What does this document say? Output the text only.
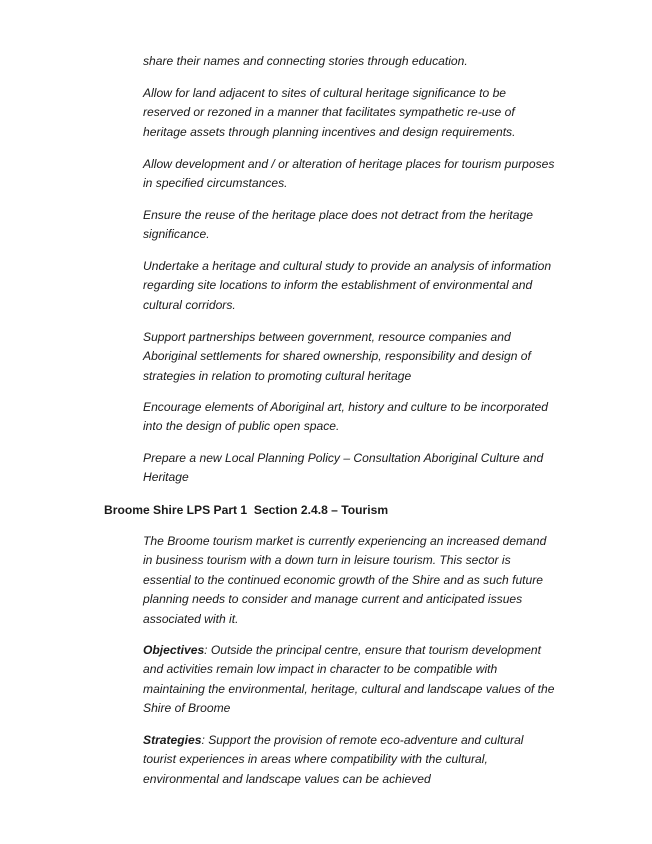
share their names and connecting stories through education.

Allow for land adjacent to sites of cultural heritage significance to be reserved or rezoned in a manner that facilitates sympathetic re-use of heritage assets through planning incentives and design requirements.

Allow development and / or alteration of heritage places for tourism purposes in specified circumstances.

Ensure the reuse of the heritage place does not detract from the heritage significance.

Undertake a heritage and cultural study to provide an analysis of information regarding site locations to inform the establishment of environmental and cultural corridors.

Support partnerships between government, resource companies and Aboriginal settlements for shared ownership, responsibility and design of strategies in relation to promoting cultural heritage

Encourage elements of Aboriginal art, history and culture to be incorporated into the design of public open space.

Prepare a new Local Planning Policy – Consultation Aboriginal Culture and Heritage

Broome Shire LPS Part 1  Section 2.4.8 – Tourism

The Broome tourism market is currently experiencing an increased demand in business tourism with a down turn in leisure tourism. This sector is essential to the continued economic growth of the Shire and as such future planning needs to consider and manage current and anticipated issues associated with it.

Objectives: Outside the principal centre, ensure that tourism development and activities remain low impact in character to be compatible with maintaining the environmental, heritage, cultural and landscape values of the Shire of Broome

Strategies: Support the provision of remote eco-adventure and cultural tourist experiences in areas where compatibility with the cultural, environmental and landscape values can be achieved
